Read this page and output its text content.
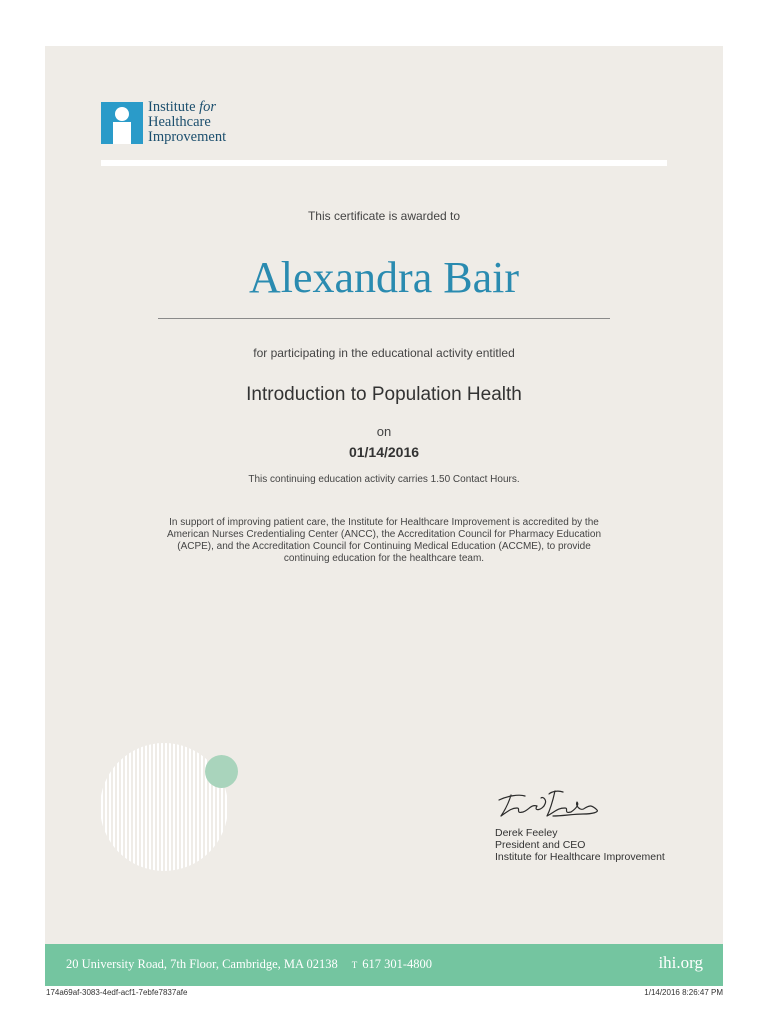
Institute for
Healthcare
Improvement
This certificate is awarded to
Alexandra Bair
for participating in the educational activity entitled
Introduction to Population Health
on
01/14/2016
This continuing education activity carries 1.50 Contact Hours.
In support of improving patient care, the Institute for Healthcare Improvement is accredited by the American Nurses Credentialing Center (ANCC), the Accreditation Council for Pharmacy Education (ACPE), and the Accreditation Council for Continuing Medical Education (ACCME), to provide continuing education for the healthcare team.
Derek Feeley
President and CEO
Institute for Healthcare Improvement
20 University Road, 7th Floor, Cambridge, MA 02138 T 617 301-4800	ihi.org
174a69af-3083-4edf-acf1-7ebfe7837afe	1/14/2016 8:26:47 PM
